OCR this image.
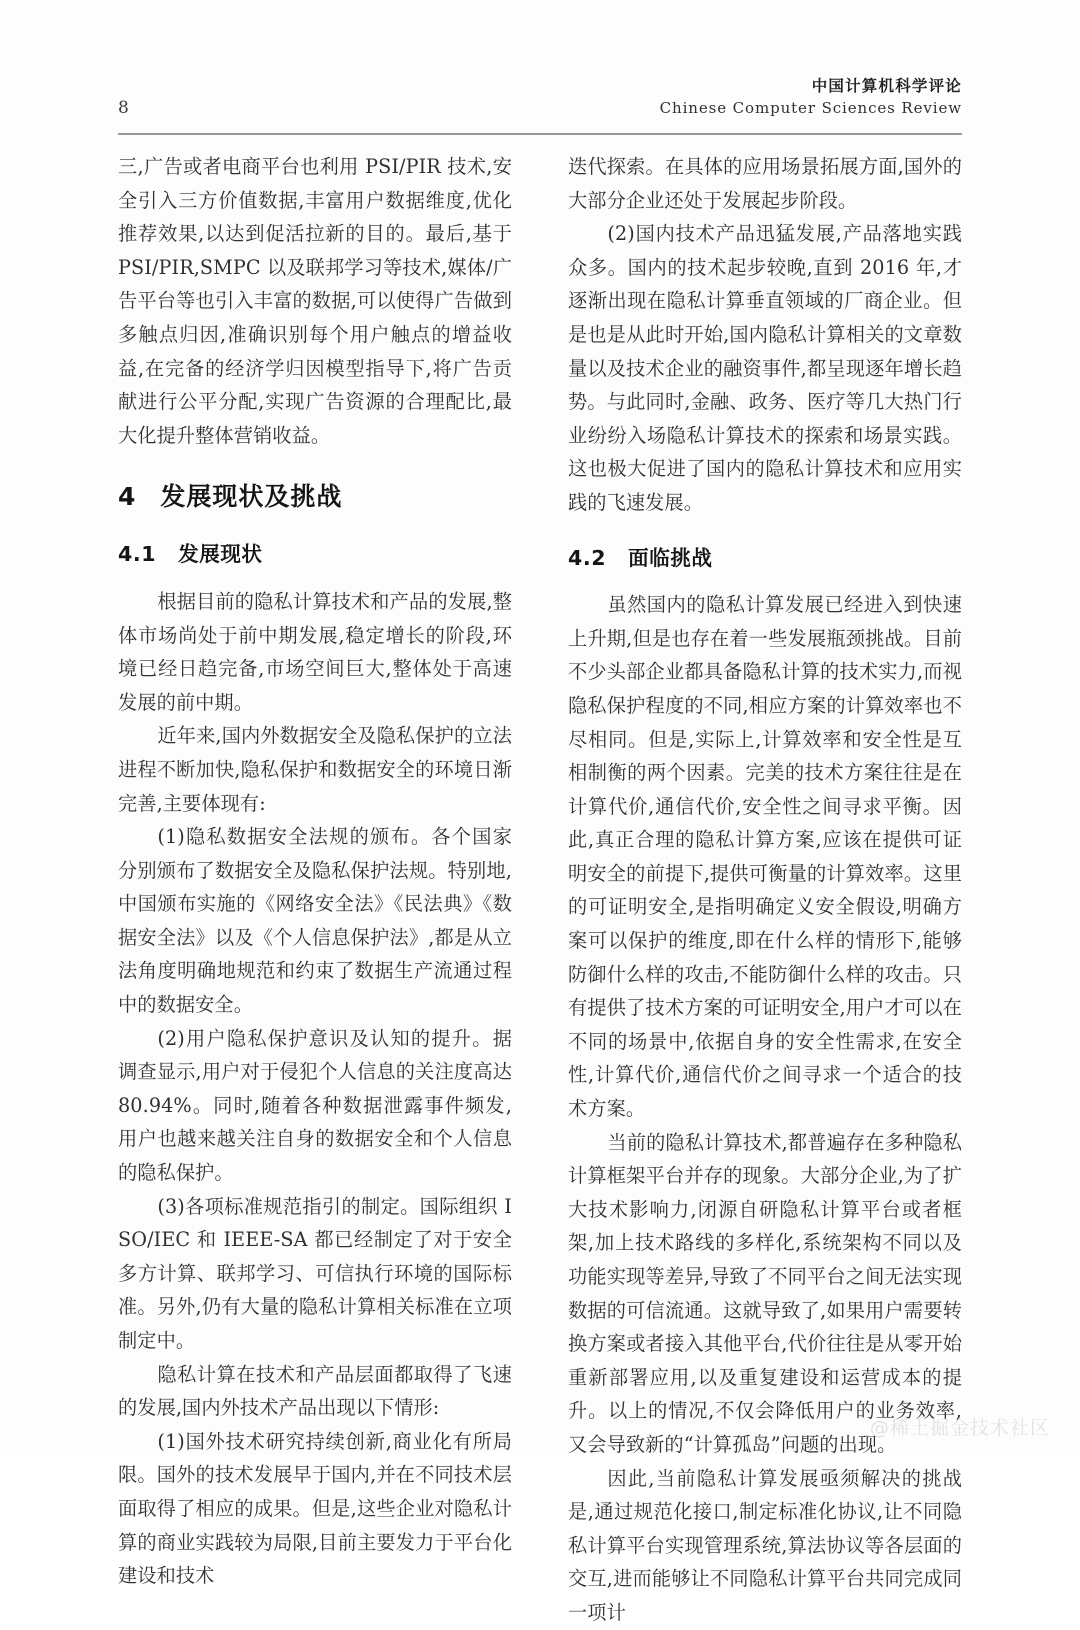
8
中国计算机科学评论
Chinese Computer Sciences Review

三,广告或者电商平台也利用 PSI/PIR 技术,安全引入三方价值数据,丰富用户数据维度,优化推荐效果,以达到促活拉新的目的。最后,基于 PSI/PIR,SMPC 以及联邦学习等技术,媒体/广告平台等也引入丰富的数据,可以使得广告做到多触点归因,准确识别每个用户触点的增益收益,在完备的经济学归因模型指导下,将广告贡献进行公平分配,实现广告资源的合理配比,最大化提升整体营销收益。

4 发展现状及挑战
4.1 发展现状

根据目前的隐私计算技术和产品的发展,整体市场尚处于前中期发展,稳定增长的阶段,环境已经日趋完备,市场空间巨大,整体处于高速发展的前中期。

近年来,国内外数据安全及隐私保护的立法进程不断加快,隐私保护和数据安全的环境日渐完善,主要体现有:

(1)隐私数据安全法规的颁布。各个国家分别颁布了数据安全及隐私保护法规。特别地,中国颁布实施的《网络安全法》《民法典》《数据安全法》以及《个人信息保护法》,都是从立法角度明确地规范和约束了数据生产流通过程中的数据安全。

(2)用户隐私保护意识及认知的提升。据调查显示,用户对于侵犯个人信息的关注度高达80.94%。同时,随着各种数据泄露事件频发,用户也越来越关注自身的数据安全和个人信息的隐私保护。

(3)各项标准规范指引的制定。国际组织 ISO/IEC 和 IEEE-SA 都已经制定了对于安全多方计算、联邦学习、可信执行环境的国际标准。另外,仍有大量的隐私计算相关标准在立项制定中。

隐私计算在技术和产品层面都取得了飞速的发展,国内外技术产品出现以下情形:

(1)国外技术研究持续创新,商业化有所局限。国外的技术发展早于国内,并在不同技术层面取得了相应的成果。但是,这些企业对隐私计算的商业实践较为局限,目前主要发力于平台化建设和技术

迭代探索。在具体的应用场景拓展方面,国外的大部分企业还处于发展起步阶段。

(2)国内技术产品迅猛发展,产品落地实践众多。国内的技术起步较晚,直到 2016 年,才逐渐出现在隐私计算垂直领域的厂商企业。但是也是从此时开始,国内隐私计算相关的文章数量以及技术企业的融资事件,都呈现逐年增长趋势。与此同时,金融、政务、医疗等几大热门行业纷纷入场隐私计算技术的探索和场景实践。这也极大促进了国内的隐私计算技术和应用实践的飞速发展。

4.2 面临挑战

虽然国内的隐私计算发展已经进入到快速上升期,但是也存在着一些发展瓶颈挑战。目前不少头部企业都具备隐私计算的技术实力,而视隐私保护程度的不同,相应方案的计算效率也不尽相同。但是,实际上,计算效率和安全性是互相制衡的两个因素。完美的技术方案往往是在计算代价,通信代价,安全性之间寻求平衡。因此,真正合理的隐私计算方案,应该在提供可证明安全的前提下,提供可衡量的计算效率。这里的可证明安全,是指明确定义安全假设,明确方案可以保护的维度,即在什么样的情形下,能够防御什么样的攻击,不能防御什么样的攻击。只有提供了技术方案的可证明安全,用户才可以在不同的场景中,依据自身的安全性需求,在安全性,计算代价,通信代价之间寻求一个适合的技术方案。

当前的隐私计算技术,都普遍存在多种隐私计算框架平台并存的现象。大部分企业,为了扩大技术影响力,闭源自研隐私计算平台或者框架,加上技术路线的多样化,系统架构不同以及功能实现等差异,导致了不同平台之间无法实现数据的可信流通。这就导致了,如果用户需要转换方案或者接入其他平台,代价往往是从零开始重新部署应用,以及重复建设和运营成本的提升。以上的情况,不仅会降低用户的业务效率,又会导致新的“计算孤岛”问题的出现。

因此,当前隐私计算发展亟须解决的挑战是,通过规范化接口,制定标准化协议,让不同隐私计算平台实现管理系统,算法协议等各层面的交互,进而能够让不同隐私计算平台共同完成同一项计

@稀土掘金技术社区
